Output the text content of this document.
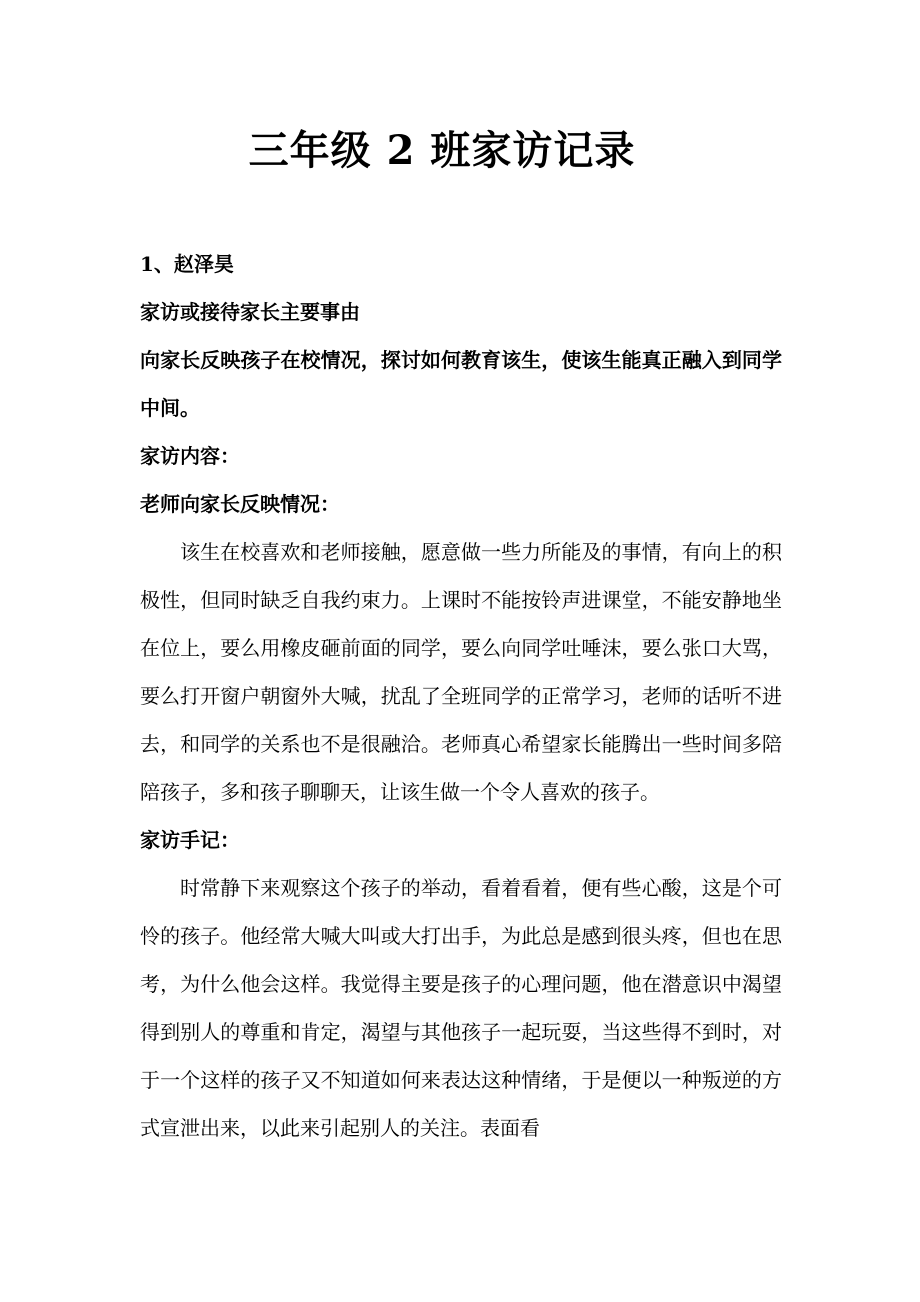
三年级 2 班家访记录

1、赵泽昊

家访或接待家长主要事由

向家长反映孩子在校情况，探讨如何教育该生，使该生能真正融入到同学中间。

家访内容：

老师向家长反映情况：

该生在校喜欢和老师接触，愿意做一些力所能及的事情，有向上的积极性，但同时缺乏自我约束力。上课时不能按铃声进课堂，不能安静地坐在位上，要么用橡皮砸前面的同学，要么向同学吐唾沫，要么张口大骂，要么打开窗户朝窗外大喊，扰乱了全班同学的正常学习，老师的话听不进去，和同学的关系也不是很融洽。老师真心希望家长能腾出一些时间多陪陪孩子，多和孩子聊聊天，让该生做一个令人喜欢的孩子。

家访手记：

时常静下来观察这个孩子的举动，看着看着，便有些心酸，这是个可怜的孩子。他经常大喊大叫或大打出手，为此总是感到很头疼，但也在思考，为什么他会这样。我觉得主要是孩子的心理问题，他在潜意识中渴望得到别人的尊重和肯定，渴望与其他孩子一起玩耍，当这些得不到时，对于一个这样的孩子又不知道如何来表达这种情绪，于是便以一种叛逆的方式宣泄出来，以此来引起别人的关注。表面看
